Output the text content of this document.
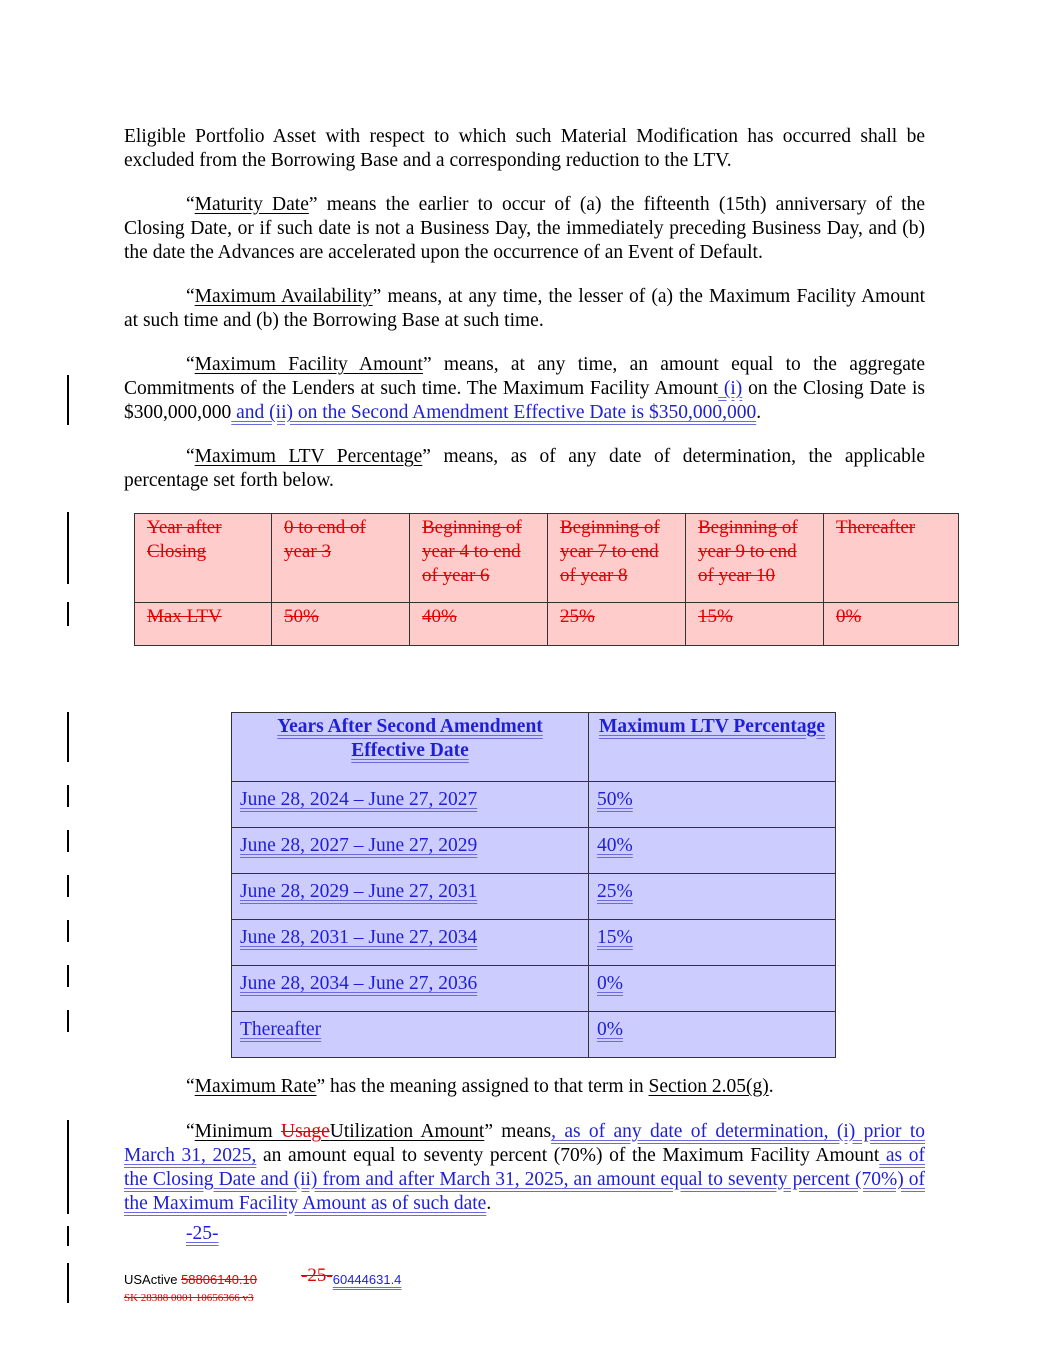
Eligible Portfolio Asset with respect to which such Material Modification has occurred shall be excluded from the Borrowing Base and a corresponding reduction to the LTV.
“Maturity Date” means the earlier to occur of (a) the fifteenth (15th) anniversary of the Closing Date, or if such date is not a Business Day, the immediately preceding Business Day, and (b) the date the Advances are accelerated upon the occurrence of an Event of Default.
“Maximum Availability” means, at any time, the lesser of (a) the Maximum Facility Amount at such time and (b) the Borrowing Base at such time.
“Maximum Facility Amount” means, at any time, an amount equal to the aggregate Commitments of the Lenders at such time. The Maximum Facility Amount (i) on the Closing Date is $300,000,000 and (ii) on the Second Amendment Effective Date is $350,000,000.
“Maximum LTV Percentage” means, as of any date of determination, the applicable percentage set forth below.
Year after Closing	0 to end of year 3	Beginning of year 4 to end of year 6	Beginning of year 7 to end of year 8	Beginning of year 9 to end of year 10	Thereafter
Max LTV	50%	40%	25%	15%	0%
Years After Second Amendment Effective Date	Maximum LTV Percentage
June 28, 2024 – June 27, 2027	50%
June 28, 2027 – June 27, 2029	40%
June 28, 2029 – June 27, 2031	25%
June 28, 2031 – June 27, 2034	15%
June 28, 2034 – June 27, 2036	0%
Thereafter	0%
“Maximum Rate” has the meaning assigned to that term in Section 2.05(g).
“Minimum UsageUtilization Amount” means, as of any date of determination, (i) prior to March 31, 2025, an amount equal to seventy percent (70%) of the Maximum Facility Amount as of the Closing Date and (ii) from and after March 31, 2025, an amount equal to seventy percent (70%) of the Maximum Facility Amount as of such date.
-25-
USActive 58806140.10 -25-60444631.4
SK 28388 0001 10656366 v3
